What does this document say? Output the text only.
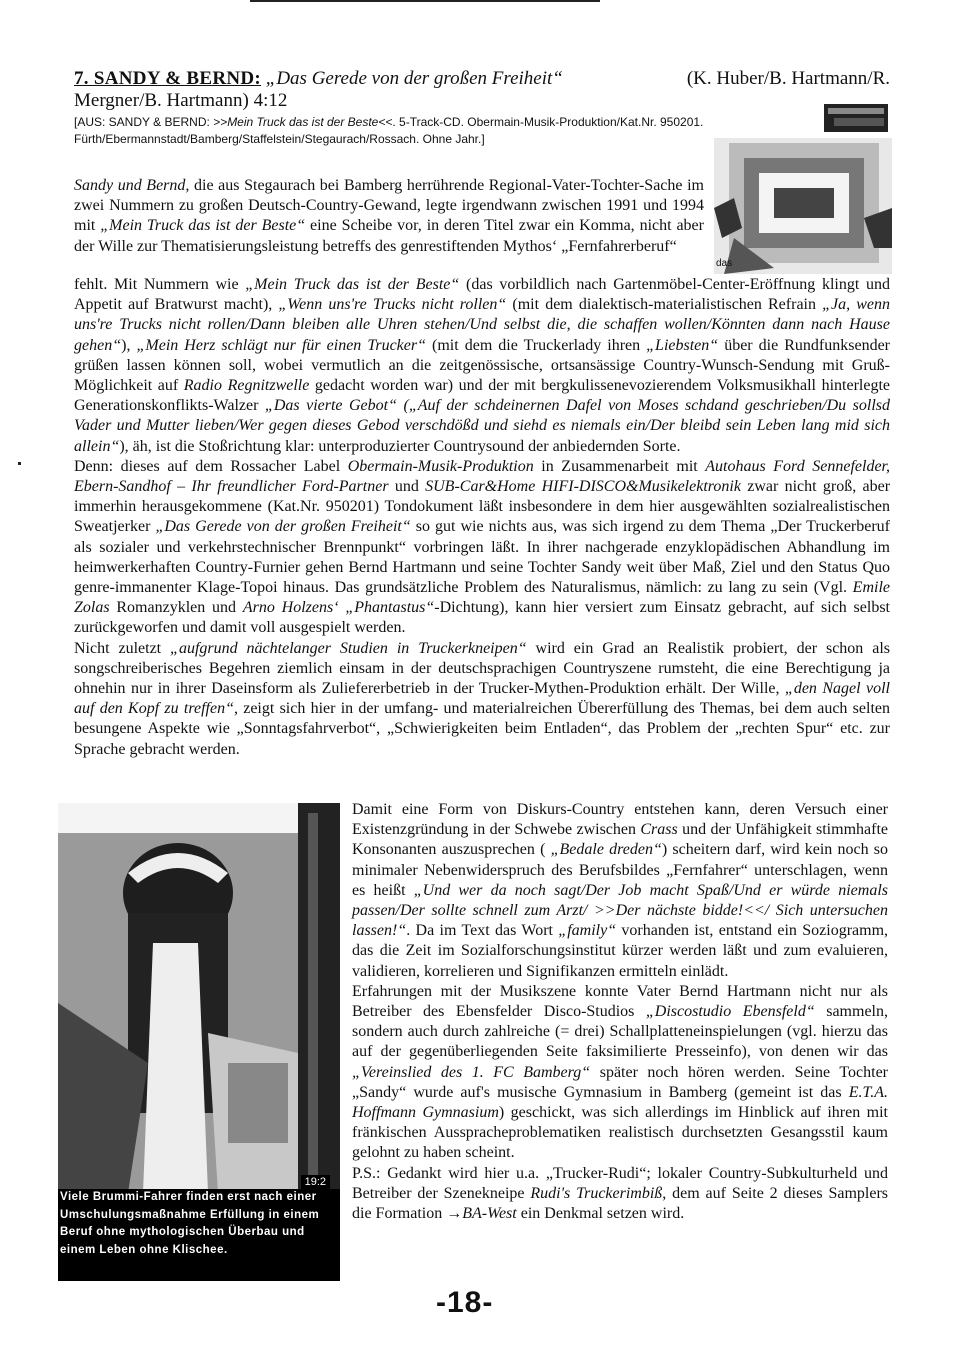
7. SANDY & BERND: „Das Gerede von der großen Freiheit“	(K. Huber/B. Hartmann/R.
Mergner/B. Hartmann) 4:12

[AUS: SANDY & BERND: >>Mein Truck das ist der Beste<<. 5-Track-CD. Obermain-Musik-Produktion/Kat.Nr. 950201. Fürth/Ebermannstadt/Bamberg/Staffelstein/Stegaurach/Rossach. Ohne Jahr.]

das

Sandy und Bernd, die aus Stegaurach bei Bamberg herrührende Regional-Vater-Tochter-Sache im zwei Nummern zu großen Deutsch-Country-Gewand, legte irgendwann zwischen 1991 und 1994 mit „Mein Truck das ist der Beste“ eine Scheibe vor, in deren Titel zwar ein Komma, nicht aber der Wille zur Thematisierungsleistung betreffs des genrestiftenden Mythos‘ „Fernfahrerberuf“

fehlt. Mit Nummern wie „Mein Truck das ist der Beste“ (das vorbildlich nach Gartenmöbel-Center-Eröffnung klingt und Appetit auf Bratwurst macht), „Wenn uns're Trucks nicht rollen“ (mit dem dialektisch-materialistischen Refrain „Ja, wenn uns're Trucks nicht rollen/Dann bleiben alle Uhren stehen/Und selbst die, die schaffen wollen/Könnten dann nach Hause gehen“), „Mein Herz schlägt nur für einen Trucker“ (mit dem die Truckerlady ihren „Liebsten“ über die Rundfunksender grüßen lassen können soll, wobei vermutlich an die zeitgenössische, ortsansässige Country-Wunsch-Sendung mit Gruß-Möglichkeit auf Radio Regnitzwelle gedacht worden war) und der mit bergkulissenevozierendem Volksmusikhall hinterlegte Generationskonflikts-Walzer „Das vierte Gebot“ („Auf der schdeinernen Dafel von Moses schdand geschrieben/Du sollsd Vader und Mutter lieben/Wer gegen dieses Gebod verschdößd und siehd es niemals ein/Der bleibd sein Leben lang mid sich allein“), äh, ist die Stoßrichtung klar: unterproduzierter Countrysound der anbiedernden Sorte.
Denn: dieses auf dem Rossacher Label Obermain-Musik-Produktion in Zusammenarbeit mit Autohaus Ford Sennefelder, Ebern-Sandhof – Ihr freundlicher Ford-Partner und SUB-Car&Home HIFI-DISCO&Musikelektronik zwar nicht groß, aber immerhin herausgekommene (Kat.Nr. 950201) Tondokument läßt insbesondere in dem hier ausgewählten sozialrealistischen Sweatjerker „Das Gerede von der großen Freiheit“ so gut wie nichts aus, was sich irgend zu dem Thema „Der Truckerberuf als sozialer und verkehrstechnischer Brennpunkt“ vorbringen läßt. In ihrer nachgerade enzyklopädischen Abhandlung im heimwerkerhaften Country-Furnier gehen Bernd Hartmann und seine Tochter Sandy weit über Maß, Ziel und den Status Quo genre-immanenter Klage-Topoi hinaus. Das grundsätzliche Problem des Naturalismus, nämlich: zu lang zu sein (Vgl. Emile Zolas Romanzyklen und Arno Holzens‘ „Phantastus“-Dichtung), kann hier versiert zum Einsatz gebracht, auf sich selbst zurückgeworfen und damit voll ausgespielt werden.
Nicht zuletzt „aufgrund nächtelanger Studien in Truckerkneipen“ wird ein Grad an Realistik probiert, der schon als songschreiberisches Begehren ziemlich einsam in der deutschsprachigen Countryszene rumsteht, die eine Berechtigung ja ohnehin nur in ihrer Daseinsform als Zuliefererbetrieb in der Trucker-Mythen-Produktion erhält. Der Wille, „den Nagel voll auf den Kopf zu treffen“, zeigt sich hier in der umfang- und materialreichen Übererfüllung des Themas, bei dem auch selten besungene Aspekte wie „Sonntagsfahrverbot“, „Schwierigkeiten beim Entladen“, das Problem der „rechten Spur“ etc. zur Sprache gebracht werden.

19:2
Viele Brummi-Fahrer finden erst nach einer Umschulungsmaßnahme Erfüllung in einem Beruf ohne mythologischen Überbau und einem Leben ohne Klischee.

Damit eine Form von Diskurs-Country entstehen kann, deren Versuch einer Existenzgründung in der Schwebe zwischen Crass und der Unfähigkeit stimmhafte Konsonanten auszusprechen ( „Bedale dreden“) scheitern darf, wird kein noch so minimaler Nebenwiderspruch des Berufsbildes „Fernfahrer“ unterschlagen, wenn es heißt „Und wer da noch sagt/Der Job macht Spaß/Und er würde niemals passen/Der sollte schnell zum Arzt/ >>Der nächste bidde!<</ Sich untersuchen lassen!“. Da im Text das Wort „family“ vorhanden ist, entstand ein Soziogramm, das die Zeit im Sozialforschungsinstitut kürzer werden läßt und zum evaluieren, validieren, korrelieren und Signifikanzen ermitteln einlädt.
Erfahrungen mit der Musikszene konnte Vater Bernd Hartmann nicht nur als Betreiber des Ebensfelder Disco-Studios „Discostudio Ebensfeld“ sammeln, sondern auch durch zahlreiche (= drei) Schallplatteneinspielungen (vgl. hierzu das auf der gegenüberliegenden Seite faksimilierte Presseinfo), von denen wir das „Vereinslied des 1. FC Bamberg“ später noch hören werden. Seine Tochter „Sandy“ wurde auf's musische Gymnasium in Bamberg (gemeint ist das E.T.A. Hoffmann Gymnasium) geschickt, was sich allerdings im Hinblick auf ihren mit fränkischen Ausspracheproblematiken realistisch durchsetzten Gesangsstil kaum gelohnt zu haben scheint.
P.S.: Gedankt wird hier u.a. „Trucker-Rudi“; lokaler Country-Subkulturheld und Betreiber der Szenekneipe Rudi's Truckerimbiß, dem auf Seite 2 dieses Samplers die Formation →BA-West ein Denkmal setzen wird.

-18-
